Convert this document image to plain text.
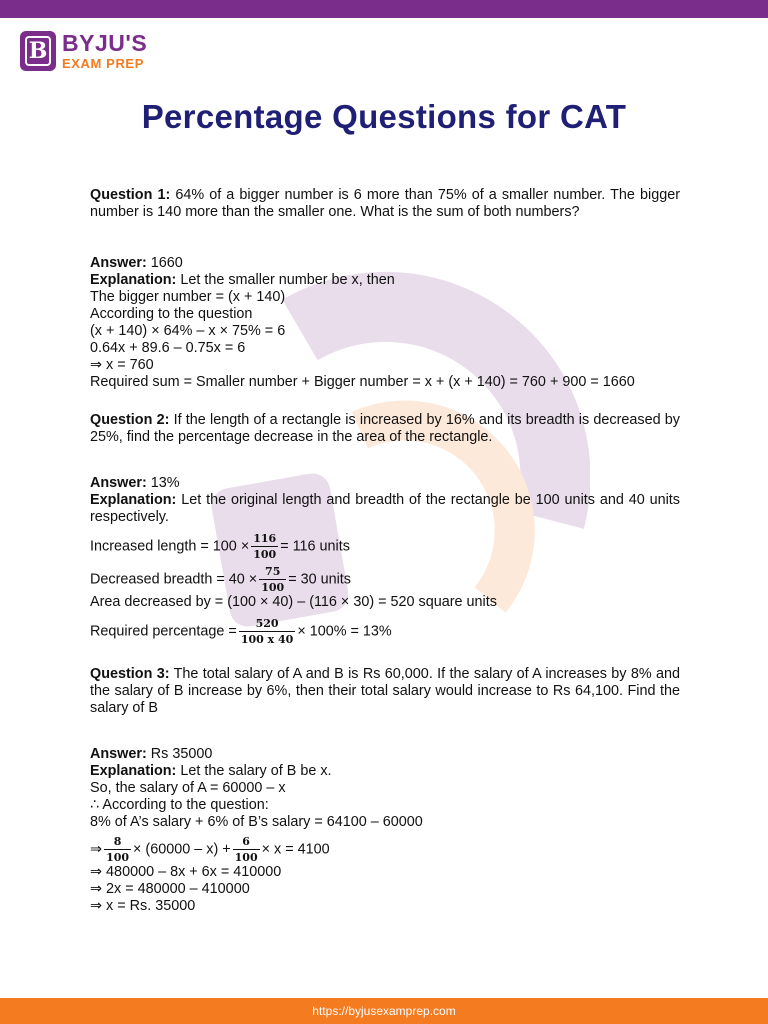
B BYJU'S
EXAM PREP
Percentage Questions for CAT

Question 1: 64% of a bigger number is 6 more than 75% of a smaller number. The bigger number is 140 more than the smaller one. What is the sum of both numbers?

Answer: 1660

Explanation: Let the smaller number be x, then

The bigger number = (x + 140)

According to the question

(x + 140) × 64% – x × 75% = 6

0.64x + 89.6 – 0.75x = 6

⇒ x = 760

Required sum = Smaller number + Bigger number = x + (x + 140) = 760 + 900 = 1660

Question 2: If the length of a rectangle is increased by 16% and its breadth is decreased by 25%, find the percentage decrease in the area of the rectangle.

Answer: 13%

Explanation: Let the original length and breadth of the rectangle be 100 units and 40 units respectively.

Increased length = $100 \times \frac{116}{100} = 116$ units

Decreased breadth = $40 \times \frac{75}{100} = 30$ units

Area decreased by = (100 × 40) – (116 × 30) = 520 square units

Required percentage = $\frac{520}{100 x 40} \times 100\% = 13\%$

Question 3: The total salary of A and B is Rs 60,000. If the salary of A increases by 8% and the salary of B increase by 6%, then their total salary would increase to Rs 64,100. Find the salary of B

Answer: Rs 35000

Explanation: Let the salary of B be x.

So, the salary of A = 60000 – x

∴ According to the question:

8% of A’s salary + 6% of B’s salary = 64100 – 60000

⇒ $\frac{8}{100} \times (60000 - x) + \frac{6}{100} \times x = 4100$

⇒ 480000 – 8x + 6x = 410000

⇒ 2x = 480000 – 410000

⇒ x = Rs. 35000

https://byjusexamprep.com
